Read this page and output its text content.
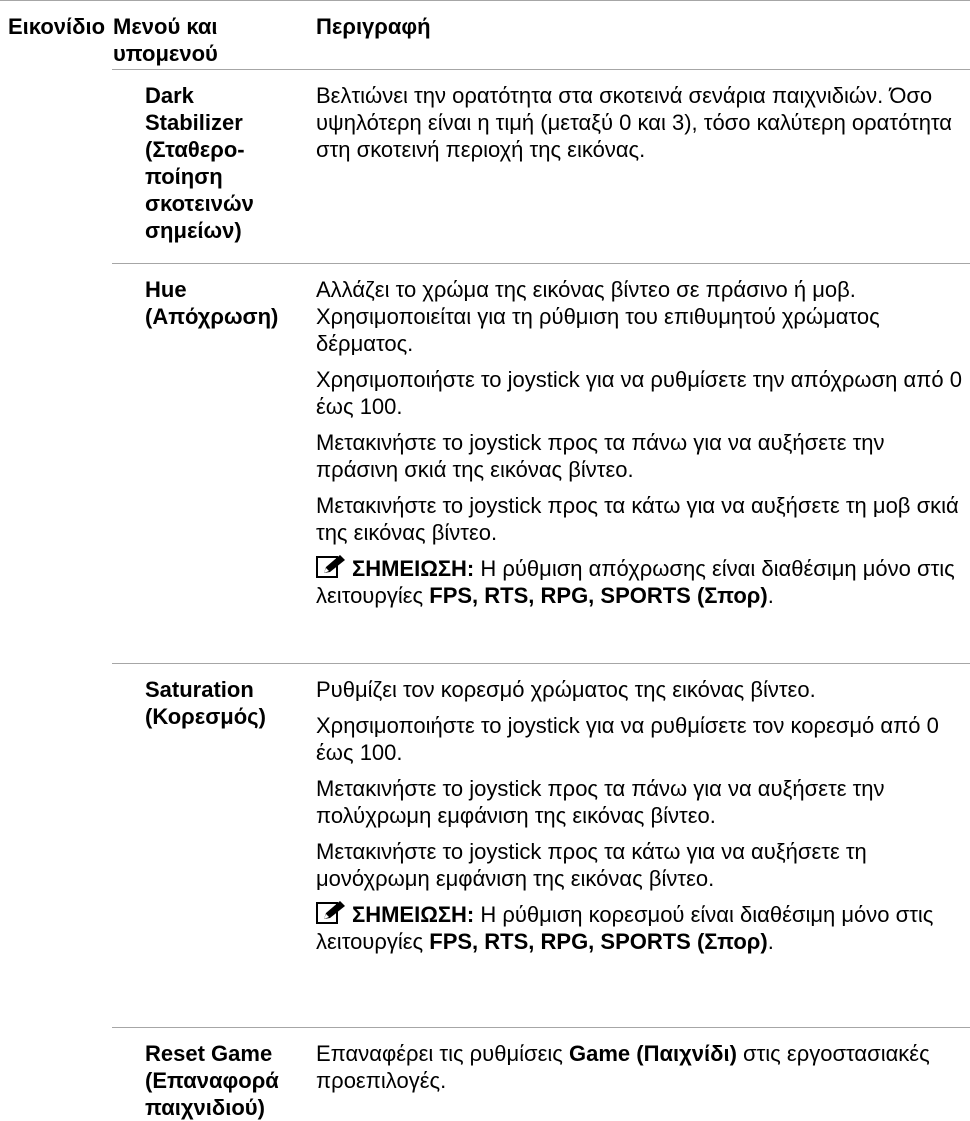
Εικονίδιο Μενού και υπομενού
Περιγραφή
Dark Stabilizer (Σταθερο-ποίηση σκοτεινών σημείων)

Βελτιώνει την ορατότητα στα σκοτεινά σενάρια παιχνιδιών. Όσο υψηλότερη είναι η τιμή (μεταξύ 0 και 3), τόσο καλύτερη ορατότητα στη σκοτεινή περιοχή της εικόνας.

Hue (Απόχρωση)

Αλλάζει το χρώμα της εικόνας βίντεο σε πράσινο ή μοβ. Χρησιμοποιείται για τη ρύθμιση του επιθυμητού χρώματος δέρματος.

Χρησιμοποιήστε το joystick για να ρυθμίσετε την απόχρωση από 0 έως 100.

Μετακινήστε το joystick προς τα πάνω για να αυξήσετε την πράσινη σκιά της εικόνας βίντεο.

Μετακινήστε το joystick προς τα κάτω για να αυξήσετε τη μοβ σκιά της εικόνας βίντεο.

ΣΗΜΕΙΩΣΗ: Η ρύθμιση απόχρωσης είναι διαθέσιμη μόνο στις λειτουργίες FPS, RTS, RPG, SPORTS (Σπορ).

Saturation (Κορεσμός)

Ρυθμίζει τον κορεσμό χρώματος της εικόνας βίντεο.

Χρησιμοποιήστε το joystick για να ρυθμίσετε τον κορεσμό από 0 έως 100.

Μετακινήστε το joystick προς τα πάνω για να αυξήσετε την πολύχρωμη εμφάνιση της εικόνας βίντεο.

Μετακινήστε το joystick προς τα κάτω για να αυξήσετε τη μονόχρωμη εμφάνιση της εικόνας βίντεο.

ΣΗΜΕΙΩΣΗ: Η ρύθμιση κορεσμού είναι διαθέσιμη μόνο στις λειτουργίες FPS, RTS, RPG, SPORTS (Σπορ).

Reset Game (Επαναφορά παιχνιδιού)

Επαναφέρει τις ρυθμίσεις Game (Παιχνίδι) στις εργοστασιακές προεπιλογές.
